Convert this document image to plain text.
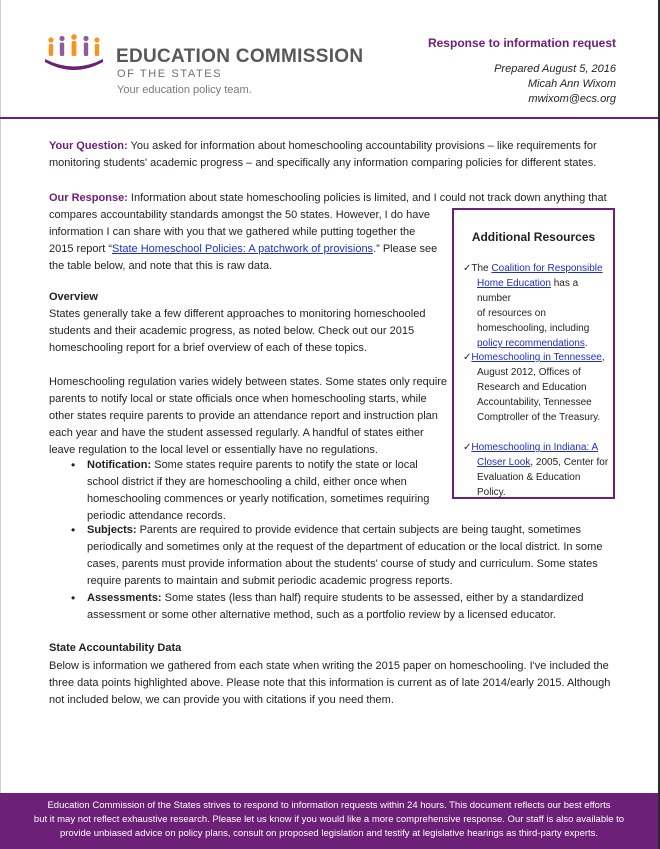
EDUCATION COMMISSION
OF THE STATES
Your education policy team.
Response to information request
Prepared August 5, 2016
Micah Ann Wixom
mwixom@ecs.org
Your Question: You asked for information about homeschooling accountability provisions – like requirements for
monitoring students' academic progress – and specifically any information comparing policies for different states.
Our Response: Information about state homeschooling policies is limited, and I could not track down anything that
compares accountability standards amongst the 50 states. However, I do have
information I can share with you that we gathered while putting together the
2015 report “State Homeschool Policies: A patchwork of provisions.” Please see
the table below, and note that this is raw data.
Additional Resources
✓The Coalition for Responsible
Home Education has a number
of resources on
homeschooling, including
policy recommendations.
✓Homeschooling in Tennessee,
August 2012, Offices of
Research and Education
Accountability, Tennessee
Comptroller of the Treasury.
✓Homeschooling in Indiana: A
Closer Look, 2005, Center for
Evaluation & Education Policy.
Overview
States generally take a few different approaches to monitoring homeschooled
students and their academic progress, as noted below. Check out our 2015
homeschooling report for a brief overview of each of these topics.
Homeschooling regulation varies widely between states. Some states only require
parents to notify local or state officials once when homeschooling starts, while
other states require parents to provide an attendance report and instruction plan
each year and have the student assessed regularly. A handful of states either
leave regulation to the local level or essentially have no regulations.
• Notification: Some states require parents to notify the state or local
school district if they are homeschooling a child, either once when
homeschooling commences or yearly notification, sometimes requiring
periodic attendance records.
• Subjects: Parents are required to provide evidence that certain subjects are being taught, sometimes
periodically and sometimes only at the request of the department of education or the local district. In some
cases, parents must provide information about the students' course of study and curriculum. Some states
require parents to maintain and submit periodic academic progress reports.
• Assessments: Some states (less than half) require students to be assessed, either by a standardized
assessment or some other alternative method, such as a portfolio review by a licensed educator.
State Accountability Data
Below is information we gathered from each state when writing the 2015 paper on homeschooling. I've included the
three data points highlighted above. Please note that this information is current as of late 2014/early 2015. Although
not included below, we can provide you with citations if you need them.
Education Commission of the States strives to respond to information requests within 24 hours. This document reflects our best efforts
but it may not reflect exhaustive research. Please let us know if you would like a more comprehensive response. Our staff is also available to
provide unbiased advice on policy plans, consult on proposed legislation and testify at legislative hearings as third-party experts.
